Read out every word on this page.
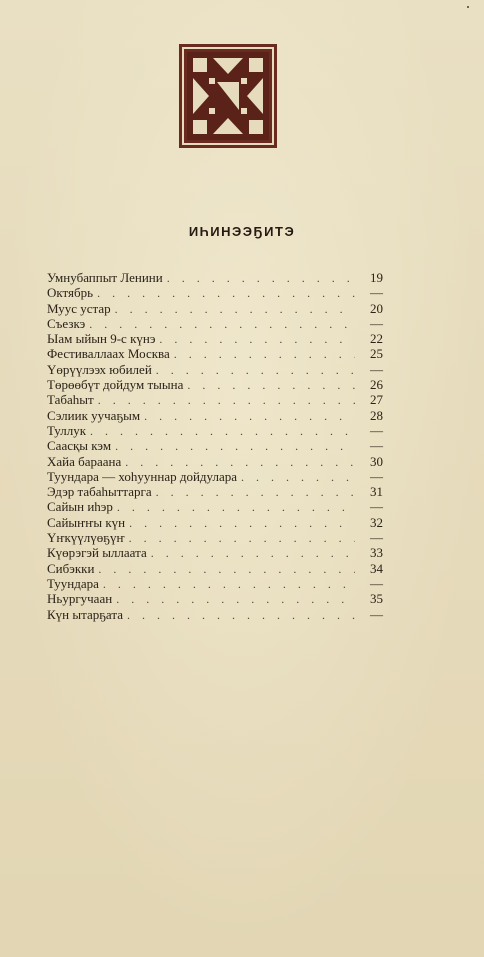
ИҺИНЭЭҔИТЭ
Умнубаппыт Ленини . . .	19
Октябрь . . .	—
Муус устар . . .	20
Съезкэ . . .	—
Ыам ыйын 9-с күнэ . . .	22
Фестиваллаах Москва . . .	25
Үөрүүлээх юбилей . . .	—
Төрөөбүт дойдум тыына . . .	26
Табаһыт . . .	27
Сэлиик уучаҕым . . .	28
Туллук . . .	—
Саасқы кэм . . .	—
Хайа бараана . . .	30
Туундара — хоһууннар дойдулара . . .	—
Эдэр табаһыттарга . . .	31
Сайын иһэр . . .	—
Сайыҥҥы күн . . .	32
Үҥкүүлүөҕүҥ . . .	—
Күөрэгэй ыллаата . . .	33
Сибэкки . . .	34
Туундара . . .	—
Ньургучаан . . .	35
Күн ытарҕата . . .	—
